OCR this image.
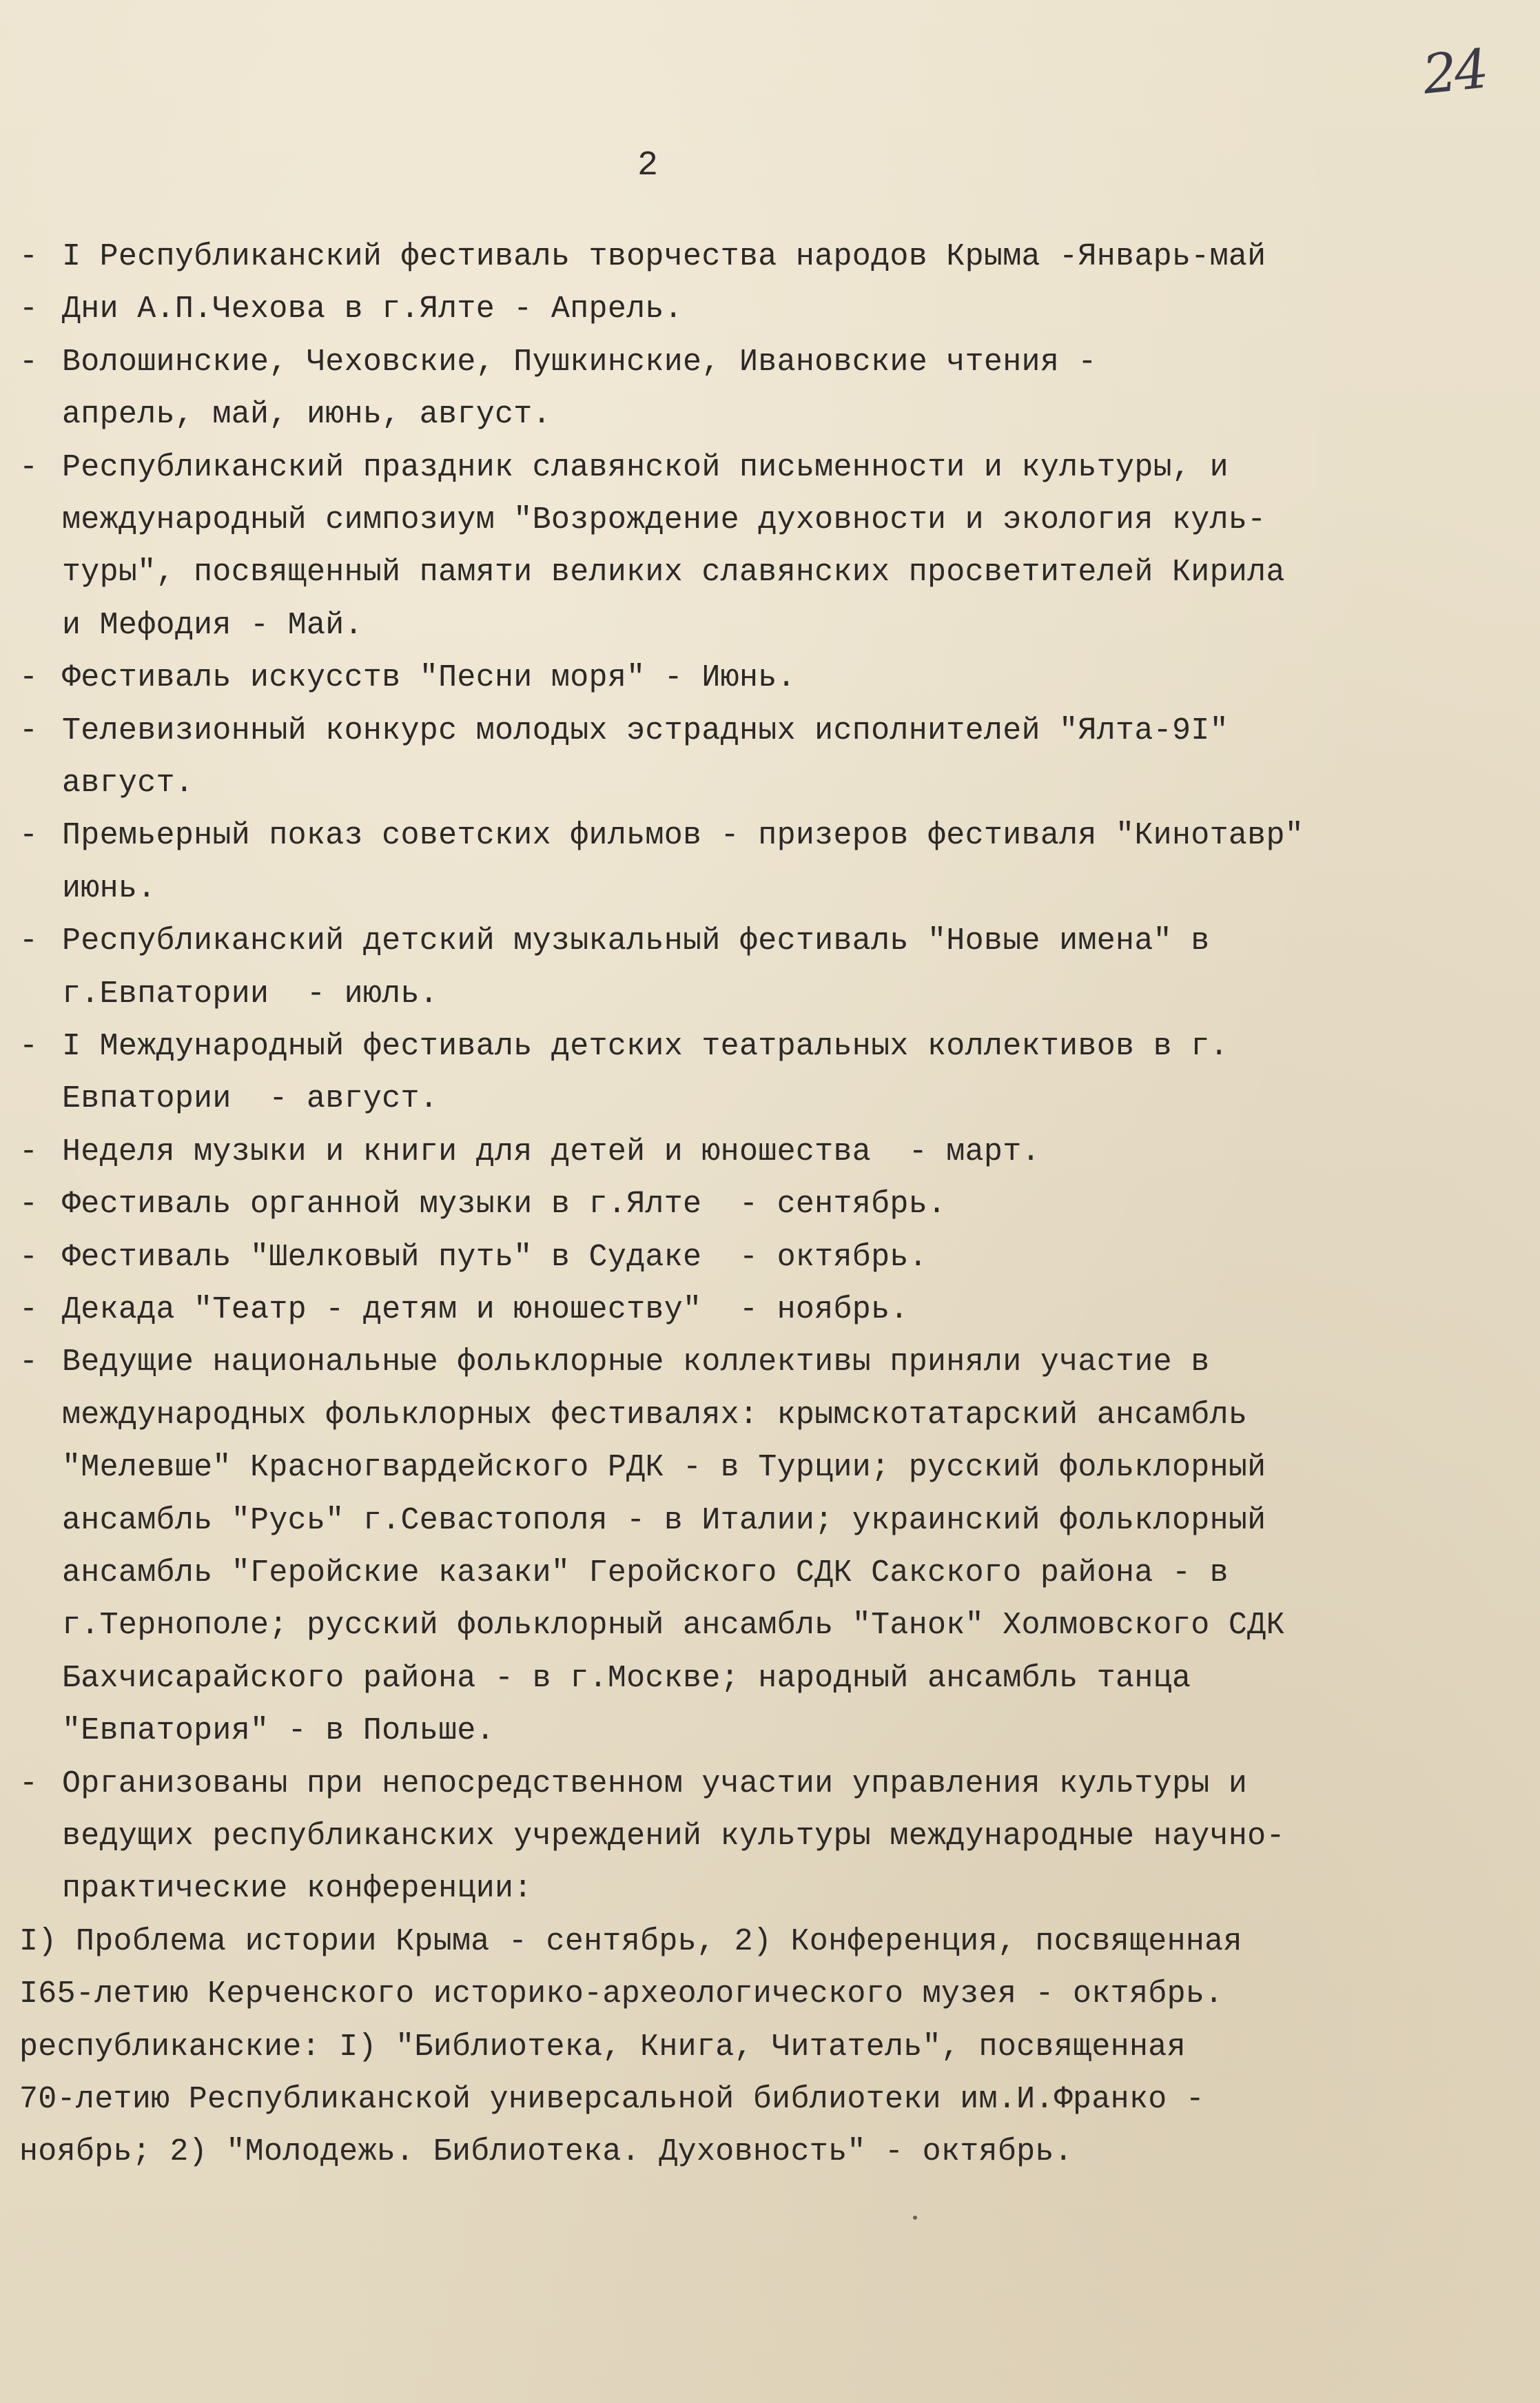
24
2
- I Республиканский фестиваль творчества народов Крыма -Январь-май
- Дни А.П.Чехова в г.Ялте - Апрель.
- Волошинские, Чеховские, Пушкинские, Ивановские чтения -
апрель, май, июнь, август.
- Республиканский праздник славянской письменности и культуры, и
международный симпозиум "Возрождение духовности и экология куль-
туры", посвященный памяти великих славянских просветителей Кирила
и Мефодия - Май.
- Фестиваль искусств "Песни моря" - Июнь.
- Телевизионный конкурс молодых эстрадных исполнителей "Ялта-9I"
август.
- Премьерный показ советских фильмов - призеров фестиваля "Кинотавр"
июнь.
- Республиканский детский музыкальный фестиваль "Новые имена" в
г.Евпатории  - июль.
- I Международный фестиваль детских театральных коллективов в г.
Евпатории  - август.
- Неделя музыки и книги для детей и юношества  - март.
- Фестиваль органной музыки в г.Ялте  - сентябрь.
- Фестиваль "Шелковый путь" в Судаке  - октябрь.
- Декада "Театр - детям и юношеству"  - ноябрь.
- Ведущие национальные фольклорные коллективы приняли участие в
международных фольклорных фестивалях: крымскотатарский ансамбль
"Мелевше" Красногвардейского РДК - в Турции; русский фольклорный
ансамбль "Русь" г.Севастополя - в Италии; украинский фольклорный
ансамбль "Геройские казаки" Геройского СДК Сакского района - в
г.Тернополе; русский фольклорный ансамбль "Танок" Холмовского СДК
Бахчисарайского района - в г.Москве; народный ансамбль танца
"Евпатория" - в Польше.
- Организованы при непосредственном участии управления культуры и
ведущих республиканских учреждений культуры международные научно-
практические конференции:
I) Проблема истории Крыма - сентябрь, 2) Конференция, посвященная
I65-летию Керченского историко-археологического музея - октябрь.
республиканские: I) "Библиотека, Книга, Читатель", посвященная
70-летию Республиканской универсальной библиотеки им.И.Франко -
ноябрь; 2) "Молодежь. Библиотека. Духовность" - октябрь.
